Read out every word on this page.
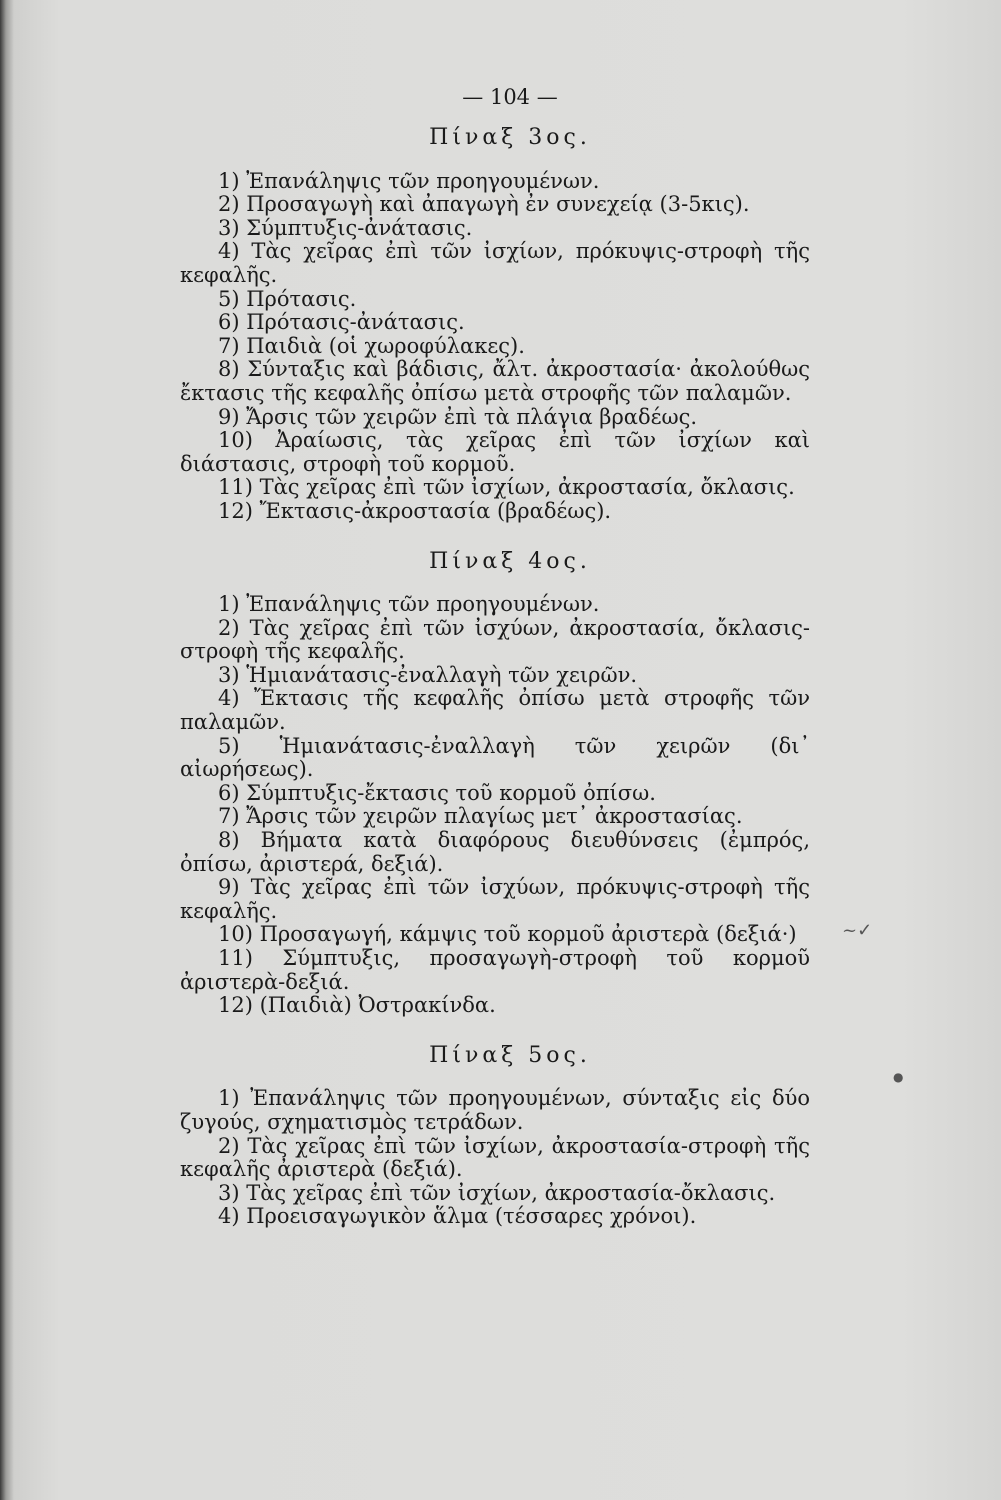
— 104 —
Πίναξ 3ος.

1) Ἐπανάληψις τῶν προηγουμένων.

2) Προσαγωγὴ καὶ ἀπαγωγὴ ἐν συνεχείᾳ (3-5κις).

3) Σύμπτυξις-ἀνάτασις.

4) Τὰς χεῖρας ἐπὶ τῶν ἰσχίων, πρόκυψις-στροφὴ τῆς κεφαλῆς.

5) Πρότασις.

6) Πρότασις-ἀνάτασις.

7) Παιδιὰ (οἱ χωροφύλακες).

8) Σύνταξις καὶ βάδισις, ἄλτ. ἀκροστασία· ἀκολούθως ἔκτασις τῆς κεφαλῆς ὀπίσω μετὰ στροφῆς τῶν παλαμῶν.

9) Ἄρσις τῶν χειρῶν ἐπὶ τὰ πλάγια βραδέως.

10) Ἀραίωσις, τὰς χεῖρας ἐπὶ τῶν ἰσχίων καὶ διάστασις, στροφὴ τοῦ κορμοῦ.

11) Τὰς χεῖρας ἐπὶ τῶν ἰσχίων, ἀκροστασία, ὄκλασις.

12) Ἔκτασις-ἀκροστασία (βραδέως).

Πίναξ 4ος.

1) Ἐπανάληψις τῶν προηγουμένων.

2) Τὰς χεῖρας ἐπὶ τῶν ἰσχύων, ἀκροστασία, ὄκλασις-στροφὴ τῆς κεφαλῆς.

3) Ἡμιανάτασις-ἐναλλαγὴ τῶν χειρῶν.

4) Ἔκτασις τῆς κεφαλῆς ὀπίσω μετὰ στροφῆς τῶν παλαμῶν.

5) Ἡμιανάτασις-ἐναλλαγὴ τῶν χειρῶν (δι᾽ αἰωρήσεως).

6) Σύμπτυξις-ἔκτασις τοῦ κορμοῦ ὀπίσω.

7) Ἄρσις τῶν χειρῶν πλαγίως μετ᾽ ἀκροστασίας.

8) Βήματα κατὰ διαφόρους διευθύνσεις (ἐμπρός, ὀπίσω, ἀριστερά, δεξιά).

9) Τὰς χεῖρας ἐπὶ τῶν ἰσχύων, πρόκυψις-στροφὴ τῆς κεφαλῆς.

10) Προσαγωγή, κάμψις τοῦ κορμοῦ ἀριστερὰ (δεξιά·)

11) Σύμπτυξις, προσαγωγὴ-στροφὴ τοῦ κορμοῦ ἀριστερὰ-δεξιά.

12) (Παιδιὰ) Ὀστρακίνδα.

Πίναξ 5ος.

1) Ἐπανάληψις τῶν προηγουμένων, σύνταξις εἰς δύο ζυγούς, σχηματισμὸς τετράδων.

2) Τὰς χεῖρας ἐπὶ τῶν ἰσχίων, ἀκροστασία-στροφὴ τῆς κεφαλῆς ἀριστερὰ (δεξιά).

3) Τὰς χεῖρας ἐπὶ τῶν ἰσχίων, ἀκροστασία-ὄκλασις.

4) Προεισαγωγικὸν ἅλμα (τέσσαρες χρόνοι).

~✓
●
